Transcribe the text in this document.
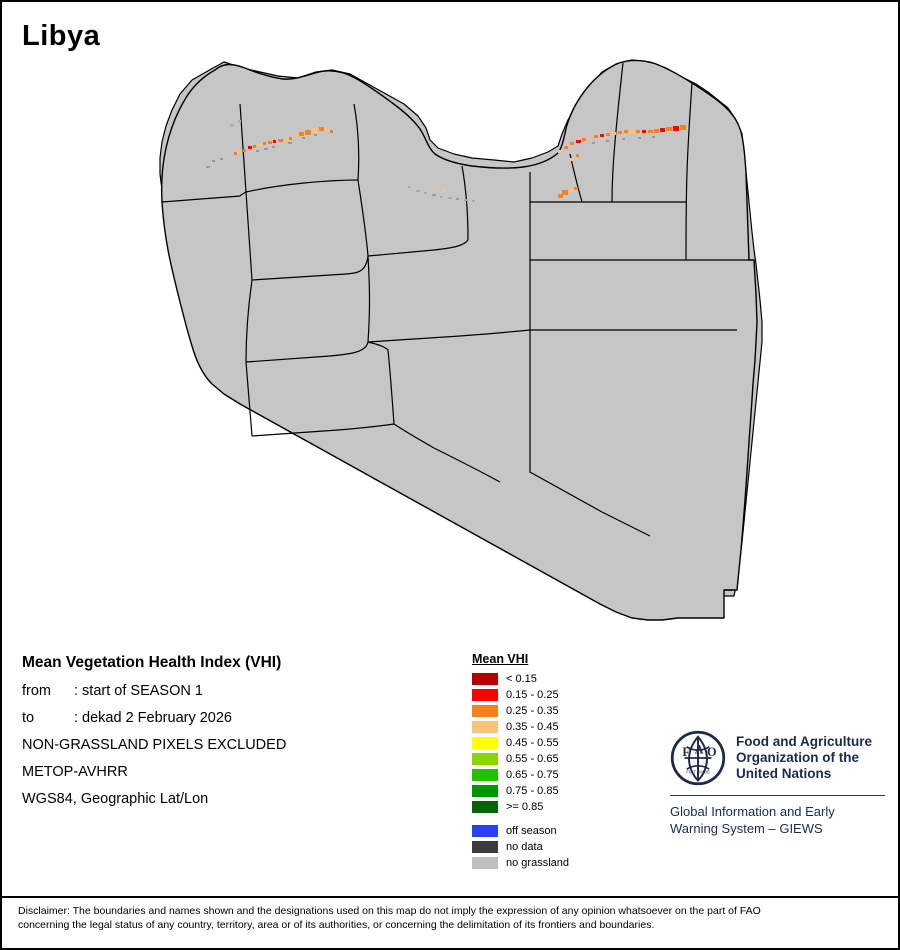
Libya
Mean Vegetation Health Index (VHI)
from : start of SEASON 1
to	: dekad 2 February 2026
NON-GRASSLAND PIXELS EXCLUDED
METOP-AVHRR
WGS84, Geographic Lat/Lon
Mean VHI
< 0.15
0.15 - 0.25
0.25 - 0.35
0.35 - 0.45
0.45 - 0.55
0.55 - 0.65
0.65 - 0.75
0.75 - 0.85
>= 0.85
off season
no data
no grassland
F A O
FIAT PANIS
Food and Agriculture
Organization of the
United Nations
Global Information and Early
Warning System – GIEWS
Disclaimer: The boundaries and names shown and the designations used on this map do not imply the expression of any opinion whatsoever on the part of FAO
concerning the legal status of any country, territory, area or of its authorities, or concerning the delimitation of its frontiers and boundaries.
